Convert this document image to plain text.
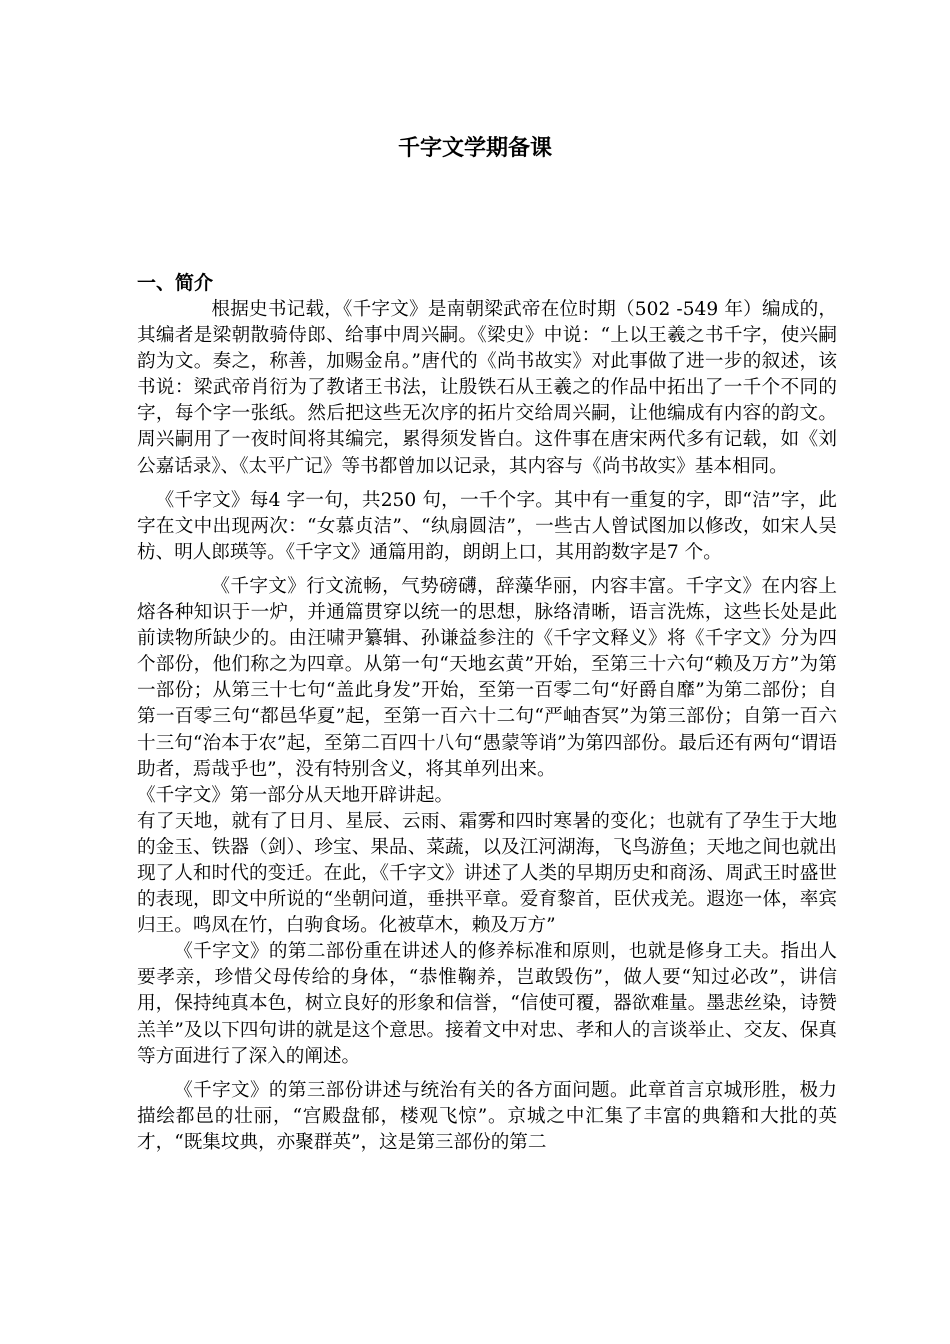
千字文学期备课

一、简介

根据史书记载，《千字文》是南朝梁武帝在位时期（502 -549 年）编成的，其编者是梁朝散骑侍郎、给事中周兴嗣。《梁史》中说：“上以王羲之书千字，使兴嗣韵为文。奏之，称善，加赐金帛。”唐代的《尚书故实》对此事做了进一步的叙述，该书说：梁武帝肖衍为了教诸王书法，让殷铁石从王羲之的作品中拓出了一千个不同的字，每个字一张纸。然后把这些无次序的拓片交给周兴嗣，让他编成有内容的韵文。周兴嗣用了一夜时间将其编完，累得须发皆白。这件事在唐宋两代多有记载，如《刘公嘉话录》、《太平广记》等书都曾加以记录，其内容与《尚书故实》基本相同。

《千字文》每4 字一句，共250 句，一千个字。其中有一重复的字，即“洁”字，此字在文中出现两次：“女慕贞洁”、“纨扇圆洁”，一些古人曾试图加以修改，如宋人吴枋、明人郎瑛等。《千字文》通篇用韵，朗朗上口，其用韵数字是7 个。

《千字文》行文流畅，气势磅礴，辞藻华丽，内容丰富。千字文》在内容上熔各种知识于一炉，并通篇贯穿以统一的思想，脉络清晰，语言洗炼，这些长处是此前读物所缺少的。由汪啸尹纂辑、孙谦益参注的《千字文释义》将《千字文》分为四个部份，他们称之为四章。从第一句“天地玄黄”开始，至第三十六句“赖及万方”为第一部份；从第三十七句“盖此身发”开始，至第一百零二句“好爵自靡”为第二部份；自第一百零三句“都邑华夏”起，至第一百六十二句“严岫杳冥”为第三部份；自第一百六十三句“治本于农”起，至第二百四十八句“愚蒙等诮”为第四部份。最后还有两句“谓语助者，焉哉乎也”，没有特别含义，将其单列出来。

《千字文》第一部分从天地开辟讲起。

有了天地，就有了日月、星辰、云雨、霜雾和四时寒暑的变化；也就有了孕生于大地的金玉、铁器（剑）、珍宝、果品、菜蔬，以及江河湖海，飞鸟游鱼；天地之间也就出现了人和时代的变迁。在此，《千字文》讲述了人类的早期历史和商汤、周武王时盛世的表现，即文中所说的“坐朝问道，垂拱平章。爱育黎首，臣伏戎羌。遐迩一体，率宾归王。鸣凤在竹，白驹食场。化被草木，赖及万方”

《千字文》的第二部份重在讲述人的修养标准和原则，也就是修身工夫。指出人要孝亲，珍惜父母传给的身体，“恭惟鞠养，岂敢毁伤”，做人要“知过必改”，讲信用，保持纯真本色，树立良好的形象和信誉，“信使可覆，器欲难量。墨悲丝染，诗赞羔羊”及以下四句讲的就是这个意思。接着文中对忠、孝和人的言谈举止、交友、保真等方面进行了深入的阐述。

《千字文》的第三部份讲述与统治有关的各方面问题。此章首言京城形胜，极力描绘都邑的壮丽，“宫殿盘郁，楼观飞惊”。京城之中汇集了丰富的典籍和大批的英才，“既集坟典，亦聚群英”，这是第三部份的第二
